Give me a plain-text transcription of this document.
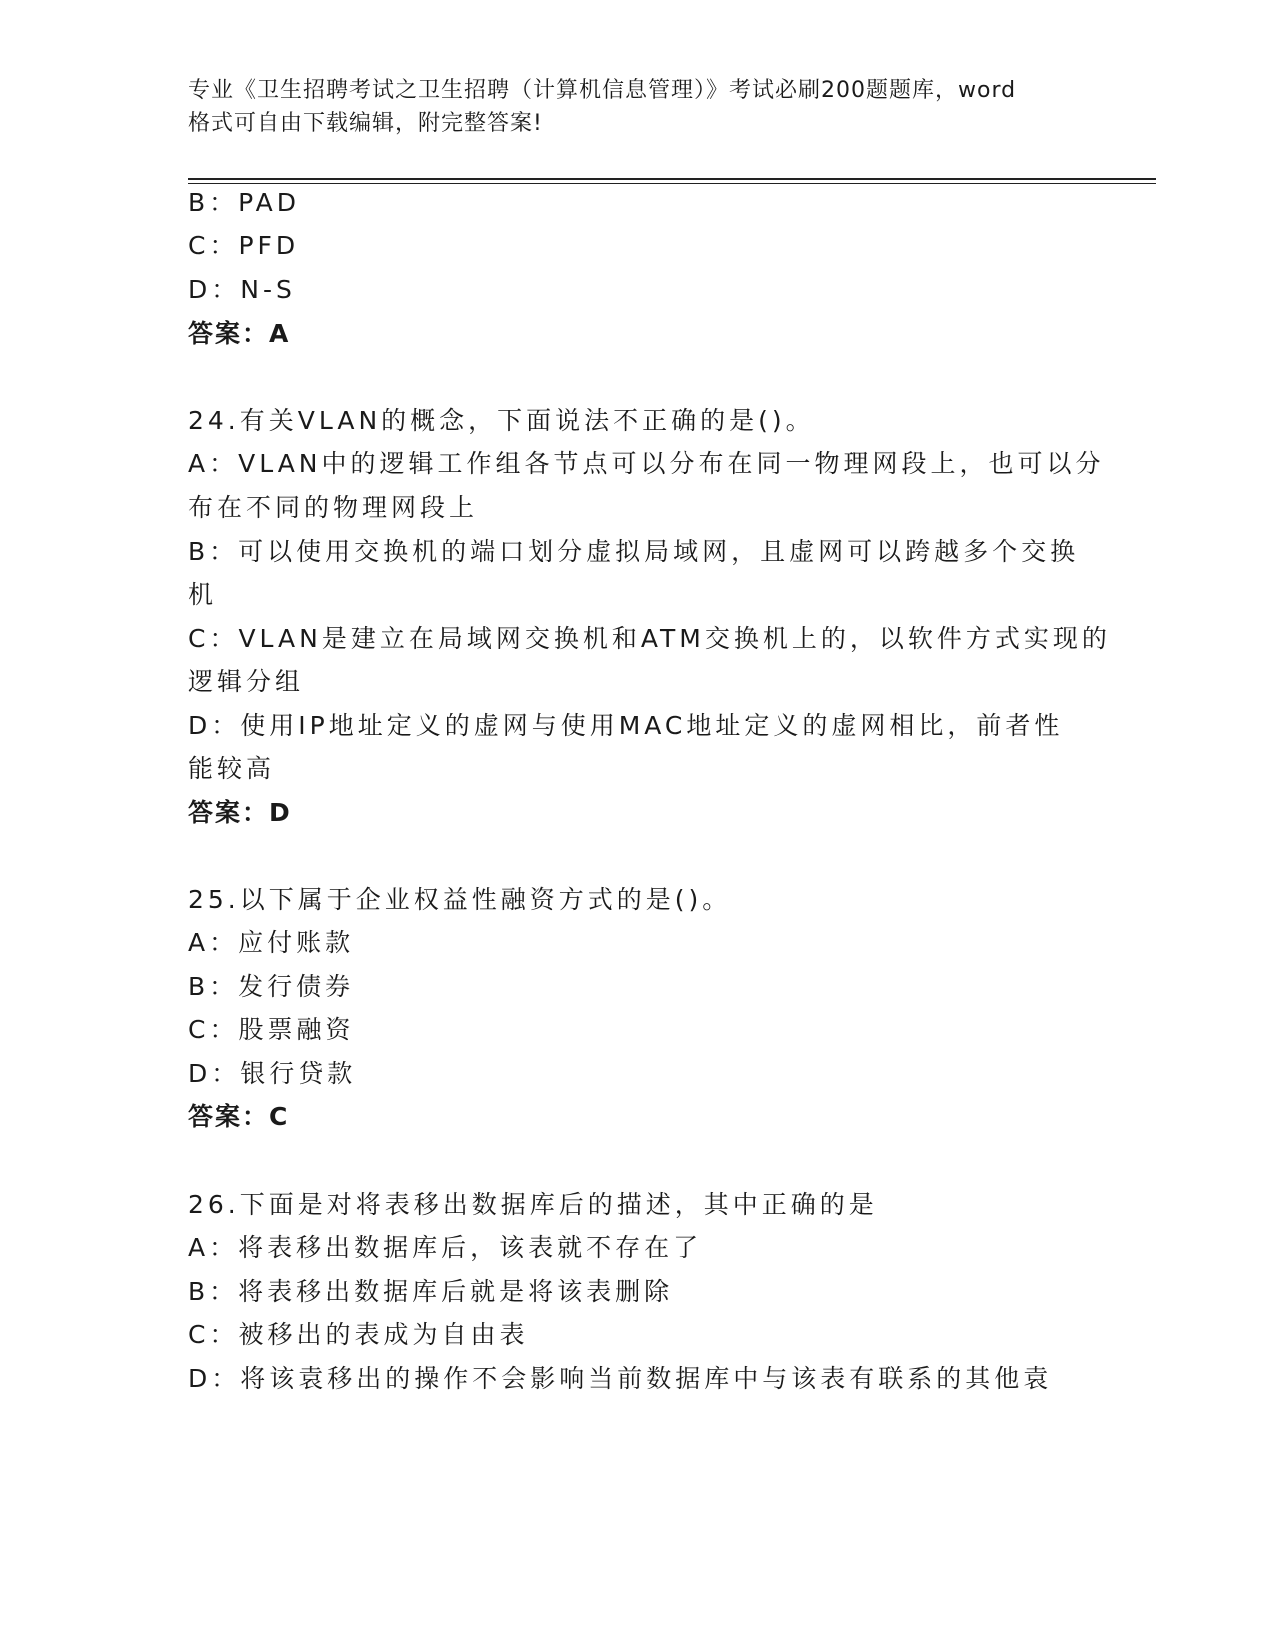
专业《卫生招聘考试之卫生招聘（计算机信息管理）》考试必刷200题题库，word
格式可自由下载编辑，附完整答案!
B：PAD
C：PFD
D：N-S
答案：A
24.有关VLAN的概念，下面说法不正确的是()。
A：VLAN中的逻辑工作组各节点可以分布在同一物理网段上，也可以分
布在不同的物理网段上
B：可以使用交换机的端口划分虚拟局域网，且虚网可以跨越多个交换
机
C：VLAN是建立在局域网交换机和ATM交换机上的，以软件方式实现的
逻辑分组
D：使用IP地址定义的虚网与使用MAC地址定义的虚网相比，前者性
能较高
答案：D
25.以下属于企业权益性融资方式的是()。
A：应付账款
B：发行债券
C：股票融资
D：银行贷款
答案：C
26.下面是对将表移出数据库后的描述，其中正确的是
A：将表移出数据库后，该表就不存在了
B：将表移出数据库后就是将该表删除
C：被移出的表成为自由表
D：将该袁移出的操作不会影响当前数据库中与该表有联系的其他袁
